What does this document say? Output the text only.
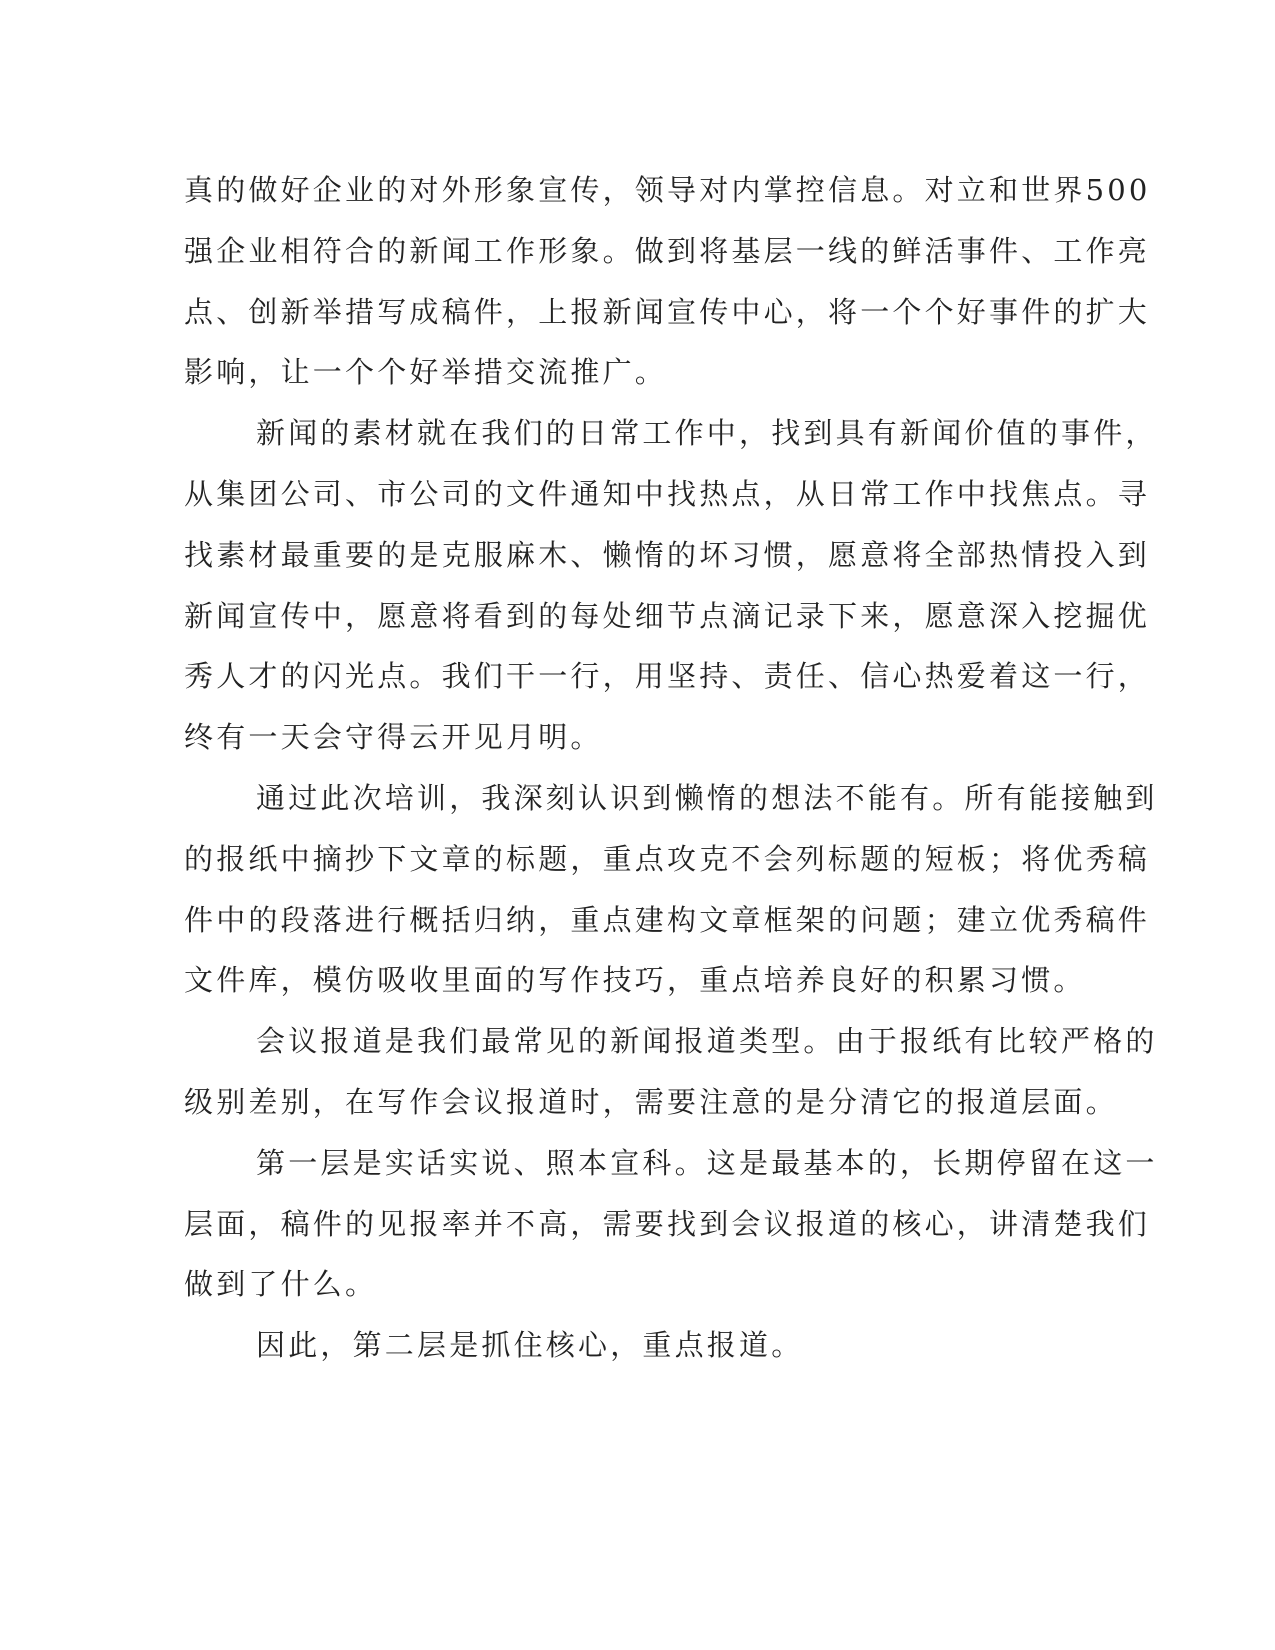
真的做好企业的对外形象宣传，领导对内掌控信息。对立和世界500
强企业相符合的新闻工作形象。做到将基层一线的鲜活事件、工作亮
点、创新举措写成稿件，上报新闻宣传中心，将一个个好事件的扩大
影响，让一个个好举措交流推广。

新闻的素材就在我们的日常工作中，找到具有新闻价值的事件，
从集团公司、市公司的文件通知中找热点，从日常工作中找焦点。寻
找素材最重要的是克服麻木、懒惰的坏习惯，愿意将全部热情投入到
新闻宣传中，愿意将看到的每处细节点滴记录下来，愿意深入挖掘优
秀人才的闪光点。我们干一行，用坚持、责任、信心热爱着这一行，
终有一天会守得云开见月明。

通过此次培训，我深刻认识到懒惰的想法不能有。所有能接触到
的报纸中摘抄下文章的标题，重点攻克不会列标题的短板；将优秀稿
件中的段落进行概括归纳，重点建构文章框架的问题；建立优秀稿件
文件库，模仿吸收里面的写作技巧，重点培养良好的积累习惯。

会议报道是我们最常见的新闻报道类型。由于报纸有比较严格的
级别差别，在写作会议报道时，需要注意的是分清它的报道层面。

第一层是实话实说、照本宣科。这是最基本的，长期停留在这一
层面，稿件的见报率并不高，需要找到会议报道的核心，讲清楚我们
做到了什么。

因此，第二层是抓住核心，重点报道。
